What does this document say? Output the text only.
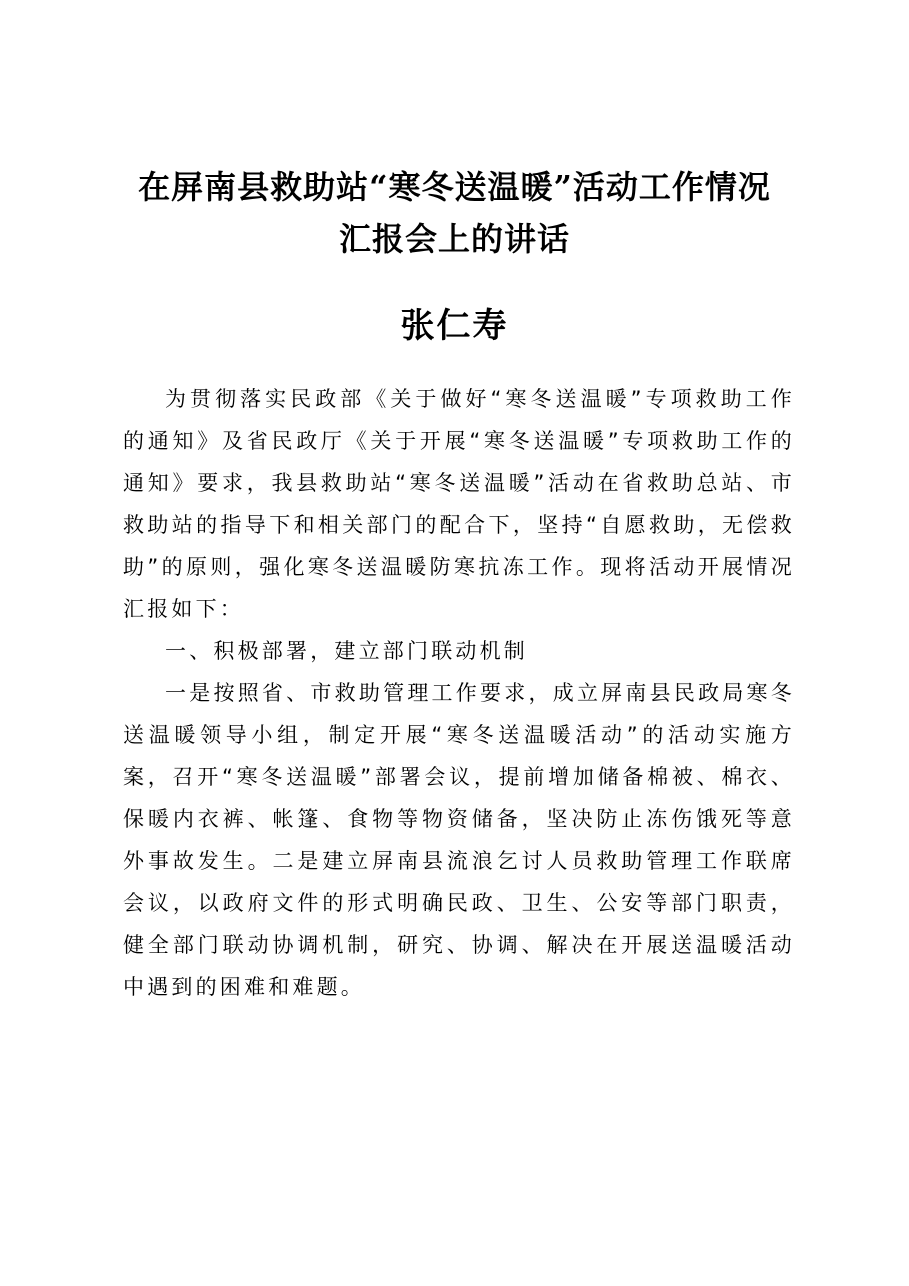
在屏南县救助站“寒冬送温暖”活动工作情况
汇报会上的讲话
张仁寿

为贯彻落实民政部《关于做好“寒冬送温暖”专项救助工作的通知》及省民政厅《关于开展“寒冬送温暖”专项救助工作的通知》要求，我县救助站“寒冬送温暖”活动在省救助总站、市救助站的指导下和相关部门的配合下，坚持“自愿救助，无偿救助”的原则，强化寒冬送温暖防寒抗冻工作。现将活动开展情况汇报如下：

一、积极部署，建立部门联动机制

一是按照省、市救助管理工作要求，成立屏南县民政局寒冬送温暖领导小组，制定开展“寒冬送温暖活动”的活动实施方案，召开“寒冬送温暖”部署会议，提前增加储备棉被、棉衣、保暖内衣裤、帐篷、食物等物资储备，坚决防止冻伤饿死等意外事故发生。二是建立屏南县流浪乞讨人员救助管理工作联席会议，以政府文件的形式明确民政、卫生、公安等部门职责，健全部门联动协调机制，研究、协调、解决在开展送温暖活动中遇到的困难和难题。
